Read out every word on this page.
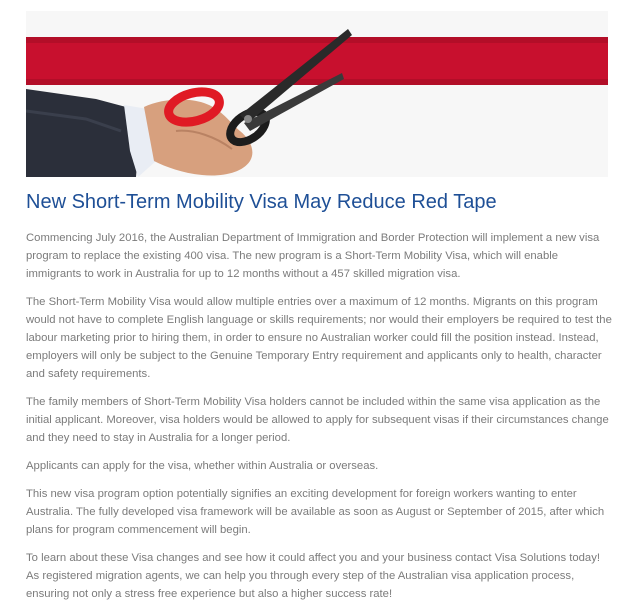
New Short-Term Mobility Visa May Reduce Red Tape

Commencing July 2016, the Australian Department of Immigration and Border Protection will implement a new visa program to replace the existing 400 visa. The new program is a Short-Term Mobility Visa, which will enable immigrants to work in Australia for up to 12 months without a 457 skilled migration visa.

The Short-Term Mobility Visa would allow multiple entries over a maximum of 12 months. Migrants on this program would not have to complete English language or skills requirements; nor would their employers be required to test the labour marketing prior to hiring them, in order to ensure no Australian worker could fill the position instead. Instead, employers will only be subject to the Genuine Temporary Entry requirement and applicants only to health, character and safety requirements.

The family members of Short-Term Mobility Visa holders cannot be included within the same visa application as the initial applicant. Moreover, visa holders would be allowed to apply for subsequent visas if their circumstances change and they need to stay in Australia for a longer period.

Applicants can apply for the visa, whether within Australia or overseas.

This new visa program option potentially signifies an exciting development for foreign workers wanting to enter Australia. The fully developed visa framework will be available as soon as August or September of 2015, after which plans for program commencement will begin.

To learn about these Visa changes and see how it could affect you and your business contact Visa Solutions today! As registered migration agents, we can help you through every step of the Australian visa application process, ensuring not only a stress free experience but also a higher success rate!
